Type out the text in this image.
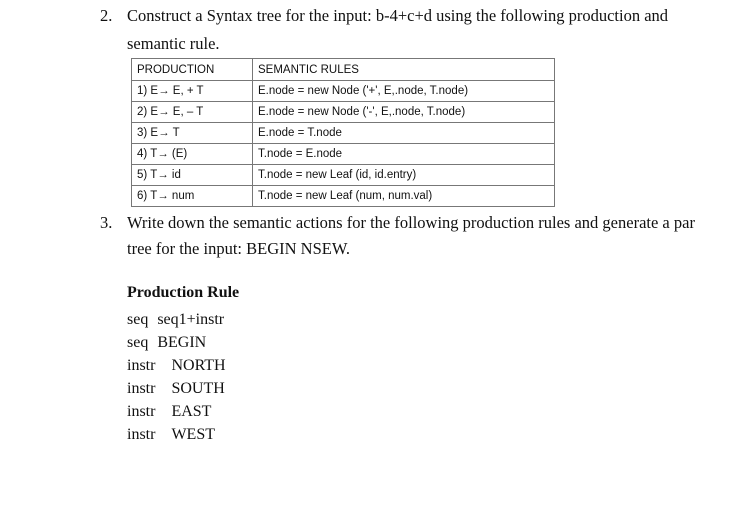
2. Construct a Syntax tree for the input: b-4+c+d using the following production and
semantic rule.
PRODUCTION	SEMANTIC RULES
1) E→ E, + T	E.node = new Node ('+', E,.node, T.node)
2) E→ E, – T	E.node = new Node ('-', E,.node, T.node)
3) E→ T	E.node = T.node
4) T→ (E)	T.node = E.node
5) T→ id	T.node = new Leaf (id, id.entry)
6) T→ num	T.node = new Leaf (num, num.val)
3. Write down the semantic actions for the following production rules and generate a par
tree for the input: BEGIN NSEW.
Production Rule
seq seq1+instr
seq BEGIN
instr NORTH
instr SOUTH
instr EAST
instr WEST
